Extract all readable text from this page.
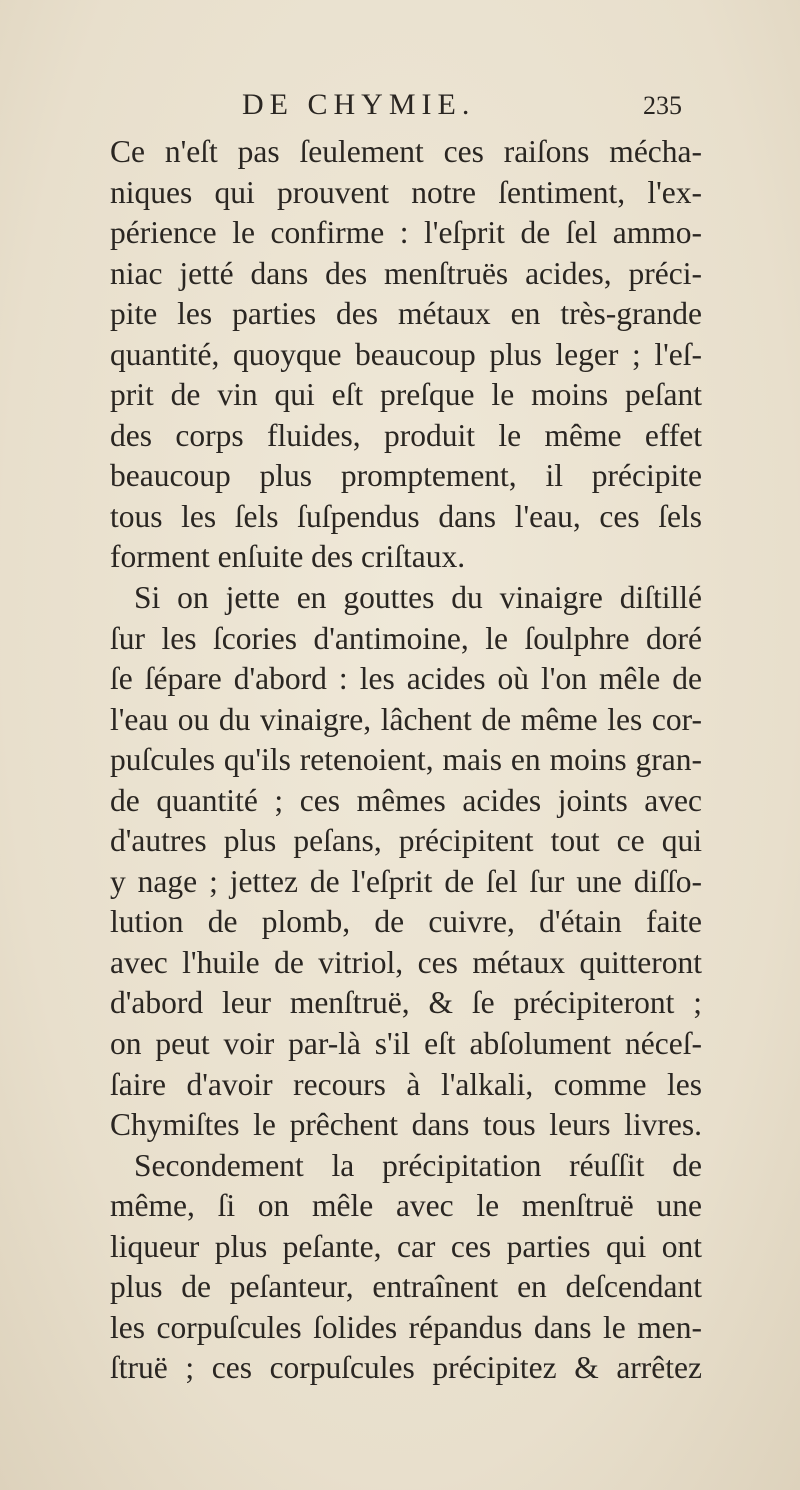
DE CHYMIE.	235
Ce n'eſt pas ſeulement ces raiſons mécha-
niques qui prouvent notre ſentiment, l'ex-
périence le confirme : l'eſprit de ſel ammo-
niac jetté dans des menſtruës acides, préci-
pite les parties des métaux en très-grande
quantité, quoyque beaucoup plus leger ; l'eſ-
prit de vin qui eſt preſque le moins peſant
des corps fluides, produit le même effet
beaucoup plus promptement, il précipite
tous les ſels ſuſpendus dans l'eau, ces ſels
forment enſuite des criſtaux.
Si on jette en gouttes du vinaigre diſtillé
ſur les ſcories d'antimoine, le ſoulphre doré
ſe ſépare d'abord : les acides où l'on mêle de
l'eau ou du vinaigre, lâchent de même les cor-
puſcules qu'ils retenoient, mais en moins gran-
de quantité ; ces mêmes acides joints avec
d'autres plus peſans, précipitent tout ce qui
y nage ; jettez de l'eſprit de ſel ſur une diſſo-
lution de plomb, de cuivre, d'étain faite
avec l'huile de vitriol, ces métaux quitteront
d'abord leur menſtruë, & ſe précipiteront ;
on peut voir par-là s'il eſt abſolument néceſ-
ſaire d'avoir recours à l'alkali, comme les
Chymiſtes le prêchent dans tous leurs livres.
Secondement la précipitation réuſſit de
même, ſi on mêle avec le menſtruë une
liqueur plus peſante, car ces parties qui ont
plus de peſanteur, entraînent en deſcendant
les corpuſcules ſolides répandus dans le men-
ſtruë ; ces corpuſcules précipitez & arrêtez
